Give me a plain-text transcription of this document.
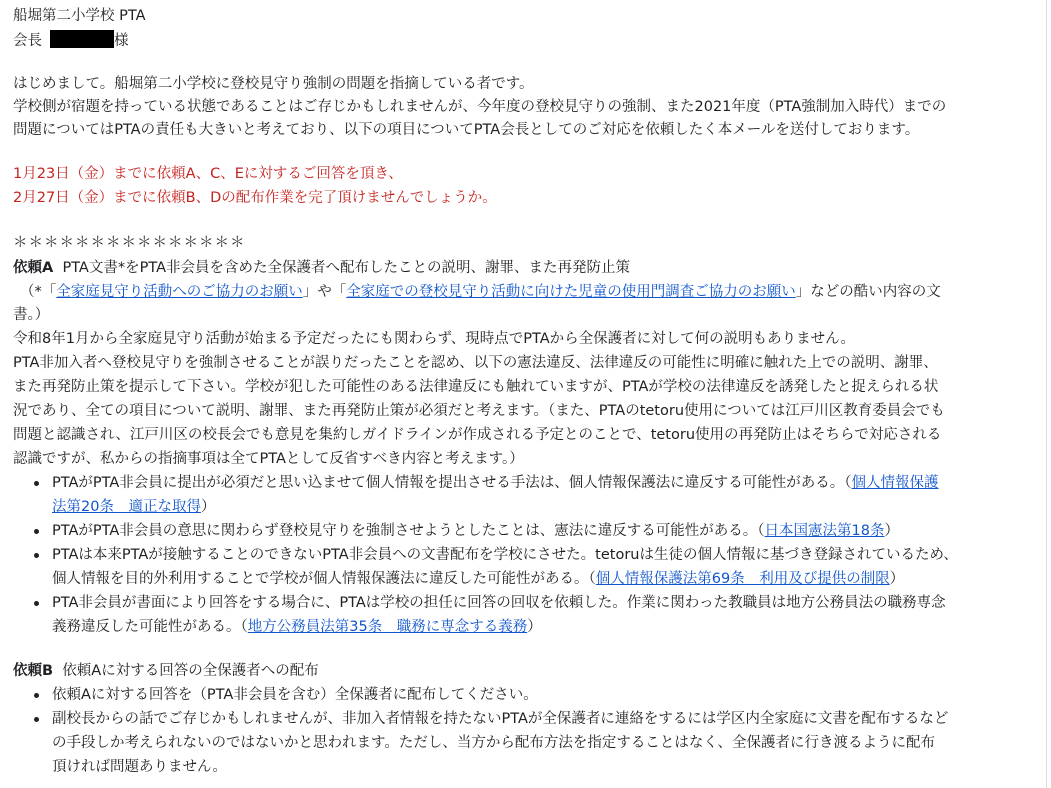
船堀第二小学校 PTA
会長	様
はじめまして。船堀第二小学校に登校見守り強制の問題を指摘している者です。
学校側が宿題を持っている状態であることはご存じかもしれませんが、今年度の登校見守りの強制、また2021年度（PTA強制加入時代）までの
問題についてはPTAの責任も大きいと考えており、以下の項目についてPTA会長としてのご対応を依頼したく本メールを送付しております。
1月23日（金）までに依頼A、C、Eに対するご回答を頂き、
2月27日（金）までに依頼B、Dの配布作業を完了頂けませんでしょうか。
＊＊＊＊＊＊＊＊＊＊＊＊＊＊＊
依頼A PTA文書*をPTA非会員を含めた全保護者へ配布したことの説明、謝罪、また再発防止策
（*「全家庭見守り活動へのご協力のお願い」や「全家庭での登校見守り活動に向けた児童の使用門調査ご協力のお願い」などの酷い内容の文
書。）
令和8年1月から全家庭見守り活動が始まる予定だったにも関わらず、現時点でPTAから全保護者に対して何の説明もありません。
PTA非加入者へ登校見守りを強制させることが誤りだったことを認め、以下の憲法違反、法律違反の可能性に明確に触れた上での説明、謝罪、
また再発防止策を提示して下さい。学校が犯した可能性のある法律違反にも触れていますが、PTAが学校の法律違反を誘発したと捉えられる状
況であり、全ての項目について説明、謝罪、また再発防止策が必須だと考えます。（また、PTAのtetoru使用については江戸川区教育委員会でも
問題と認識され、江戸川区の校長会でも意見を集約しガイドラインが作成される予定とのことで、tetoru使用の再発防止はそちらで対応される
認識ですが、私からの指摘事項は全てPTAとして反省すべき内容と考えます。）
PTAがPTA非会員に提出が必須だと思い込ませて個人情報を提出させる手法は、個人情報保護法に違反する可能性がある。（個人情報保護
法第20条　適正な取得）
PTAがPTA非会員の意思に関わらず登校見守りを強制させようとしたことは、憲法に違反する可能性がある。（日本国憲法第18条）
PTAは本来PTAが接触することのできないPTA非会員への文書配布を学校にさせた。tetoruは生徒の個人情報に基づき登録されているため、
個人情報を目的外利用することで学校が個人情報保護法に違反した可能性がある。（個人情報保護法第69条　利用及び提供の制限）
PTA非会員が書面により回答をする場合に、PTAは学校の担任に回答の回収を依頼した。作業に関わった教職員は地方公務員法の職務専念
義務違反した可能性がある。（地方公務員法第35条　職務に専念する義務）
依頼B 依頼Aに対する回答の全保護者への配布
依頼Aに対する回答を（PTA非会員を含む）全保護者に配布してください。
副校長からの話でご存じかもしれませんが、非加入者情報を持たないPTAが全保護者に連絡をするには学区内全家庭に文書を配布するなど
の手段しか考えられないのではないかと思われます。ただし、当方から配布方法を指定することはなく、全保護者に行き渡るように配布
頂ければ問題ありません。
